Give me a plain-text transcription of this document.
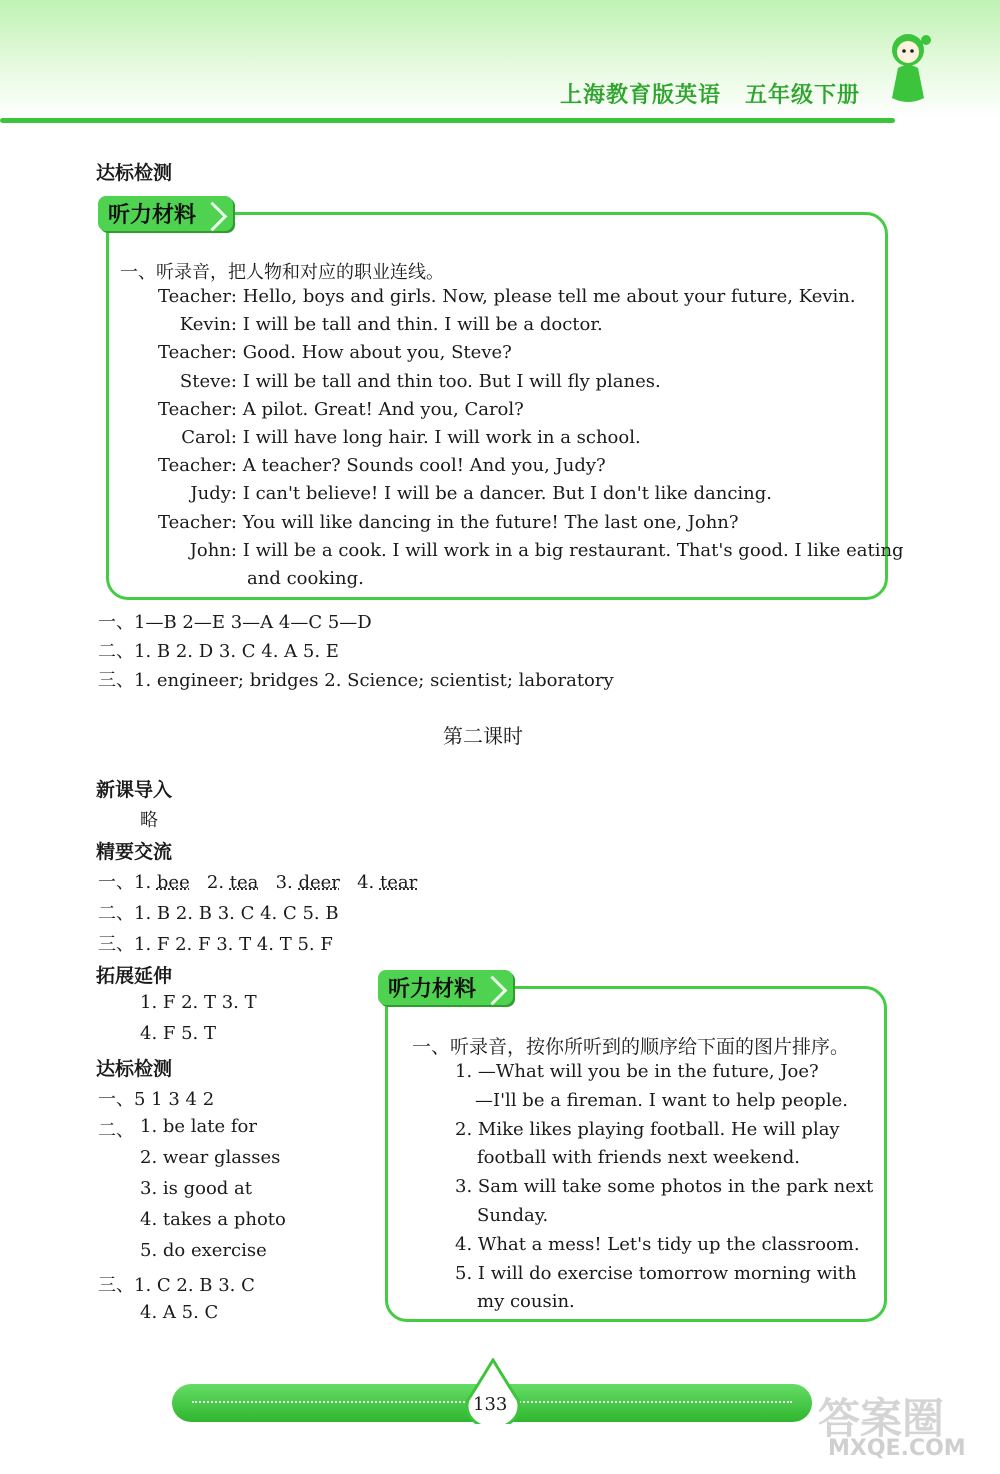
上海教育版英语 五年级下册
达标检测
听力材料
一、听录音，把人物和对应的职业连线。
Teacher: Hello, boys and girls. Now, please tell me about your future, Kevin.
Kevin: I will be tall and thin. I will be a doctor.
Teacher: Good. How about you, Steve?
Steve: I will be tall and thin too. But I will fly planes.
Teacher: A pilot. Great! And you, Carol?
Carol: I will have long hair. I will work in a school.
Teacher: A teacher? Sounds cool! And you, Judy?
Judy: I can't believe! I will be a dancer. But I don't like dancing.
Teacher: You will like dancing in the future! The last one, John?
John: I will be a cook. I will work in a big restaurant. That's good. I like eating
and cooking.
一、1—B 2—E 3—A 4—C 5—D
二、1. B 2. D 3. C 4. A 5. E
三、1. engineer; bridges 2. Science; scientist; laboratory
第二课时
新课导入
略
精要交流
一、1. bee   2. tea   3. deer   4. tear
二、1. B 2. B 3. C 4. C 5. B
三、1. F 2. F 3. T 4. T 5. F
拓展延伸
1. F 2. T 3. T
4. F 5. T
达标检测
一、5 1 3 4 2
二、 1. be late for
2. wear glasses
3. is good at
4. takes a photo
5. do exercise
三、1. C 2. B 3. C
4. A 5. C
听力材料
一、听录音，按你所听到的顺序给下面的图片排序。
1. —What will you be in the future, Joe?
—I'll be a fireman. I want to help people.
2. Mike likes playing football. He will play
football with friends next weekend.
3. Sam will take some photos in the park next
Sunday.
4. What a mess! Let's tidy up the classroom.
5. I will do exercise tomorrow morning with
my cousin.
133	答案圈
MXQE.COM
